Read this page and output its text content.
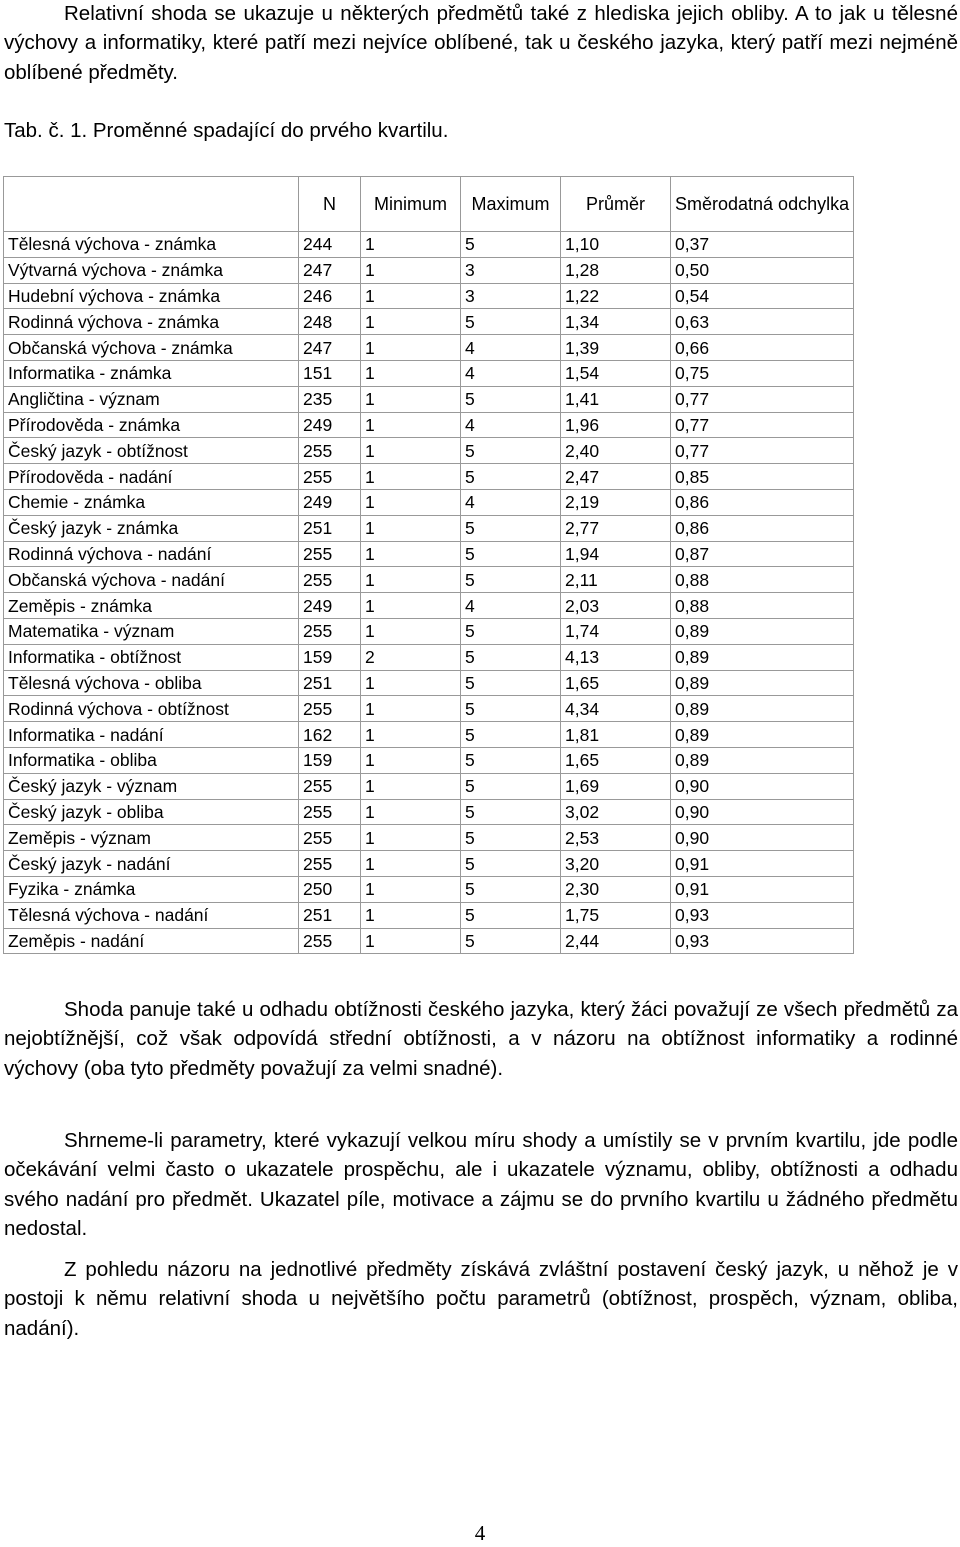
Relativní shoda se ukazuje u některých předmětů také z hlediska jejich obliby. A to jak u tělesné výchovy a informatiky, které patří mezi nejvíce oblíbené, tak u českého jazyka, který patří mezi nejméně oblíbené předměty.

Tab. č. 1. Proměnné spadající do prvého kvartilu.

	N	Minimum	Maximum	Průměr	Směrodatná odchylka
Tělesná výchova - známka	244	1	5	1,10	0,37
Výtvarná výchova - známka	247	1	3	1,28	0,50
Hudební výchova - známka	246	1	3	1,22	0,54
Rodinná výchova - známka	248	1	5	1,34	0,63
Občanská výchova - známka	247	1	4	1,39	0,66
Informatika - známka	151	1	4	1,54	0,75
Angličtina - význam	235	1	5	1,41	0,77
Přírodověda - známka	249	1	4	1,96	0,77
Český jazyk - obtížnost	255	1	5	2,40	0,77
Přírodověda - nadání	255	1	5	2,47	0,85
Chemie - známka	249	1	4	2,19	0,86
Český jazyk - známka	251	1	5	2,77	0,86
Rodinná výchova - nadání	255	1	5	1,94	0,87
Občanská výchova - nadání	255	1	5	2,11	0,88
Zeměpis - známka	249	1	4	2,03	0,88
Matematika - význam	255	1	5	1,74	0,89
Informatika - obtížnost	159	2	5	4,13	0,89
Tělesná výchova - obliba	251	1	5	1,65	0,89
Rodinná výchova - obtížnost	255	1	5	4,34	0,89
Informatika - nadání	162	1	5	1,81	0,89
Informatika - obliba	159	1	5	1,65	0,89
Český jazyk - význam	255	1	5	1,69	0,90
Český jazyk - obliba	255	1	5	3,02	0,90
Zeměpis - význam	255	1	5	2,53	0,90
Český jazyk - nadání	255	1	5	3,20	0,91
Fyzika - známka	250	1	5	2,30	0,91
Tělesná výchova - nadání	251	1	5	1,75	0,93
Zeměpis - nadání	255	1	5	2,44	0,93

Shoda panuje také u odhadu obtížnosti českého jazyka, který žáci považují ze všech předmětů za nejobtížnější, což však odpovídá střední obtížnosti, a v názoru na obtížnost informatiky a rodinné výchovy (oba tyto předměty považují za velmi snadné).

Shrneme-li parametry, které vykazují velkou míru shody a umístily se v prvním kvartilu, jde podle očekávání velmi často o ukazatele prospěchu, ale i ukazatele významu, obliby, obtížnosti a odhadu svého nadání pro předmět. Ukazatel píle, motivace a zájmu se do prvního kvartilu u žádného předmětu nedostal.

Z pohledu názoru na jednotlivé předměty získává zvláštní postavení český jazyk, u něhož je v postoji k němu relativní shoda u největšího počtu parametrů (obtížnost, prospěch, význam, obliba, nadání).

4
